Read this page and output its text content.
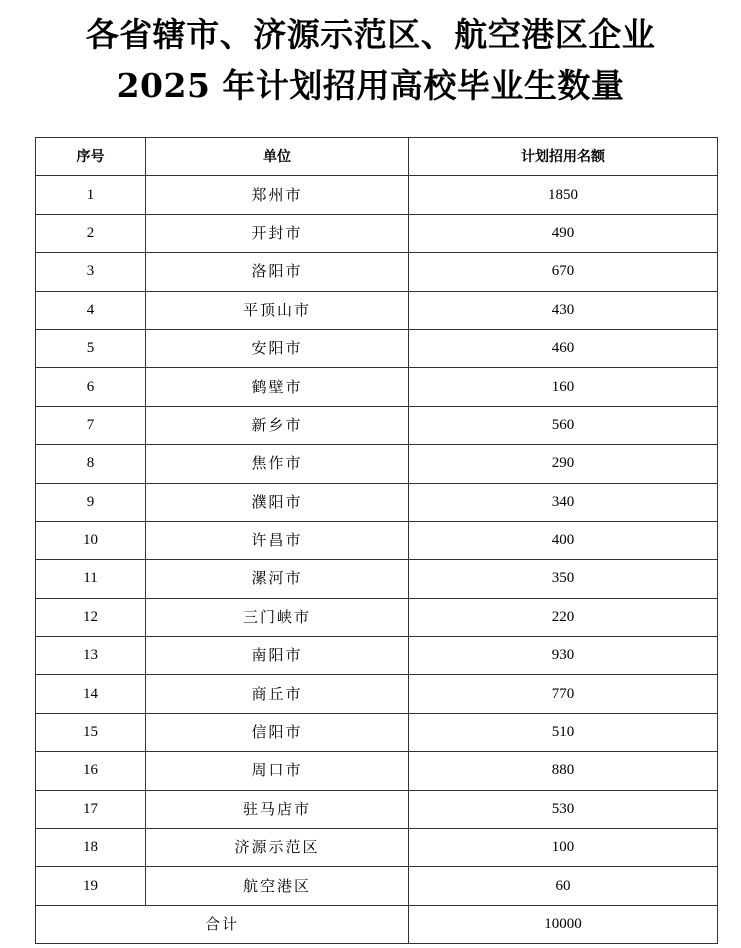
各省辖市、济源示范区、航空港区企业
2025 年计划招用高校毕业生数量
序号	单位	计划招用名额
1	郑州市	1850
2	开封市	490
3	洛阳市	670
4	平顶山市	430
5	安阳市	460
6	鹤壁市	160
7	新乡市	560
8	焦作市	290
9	濮阳市	340
10	许昌市	400
11	漯河市	350
12	三门峡市	220
13	南阳市	930
14	商丘市	770
15	信阳市	510
16	周口市	880
17	驻马店市	530
18	济源示范区	100
19	航空港区	60
合计		10000
